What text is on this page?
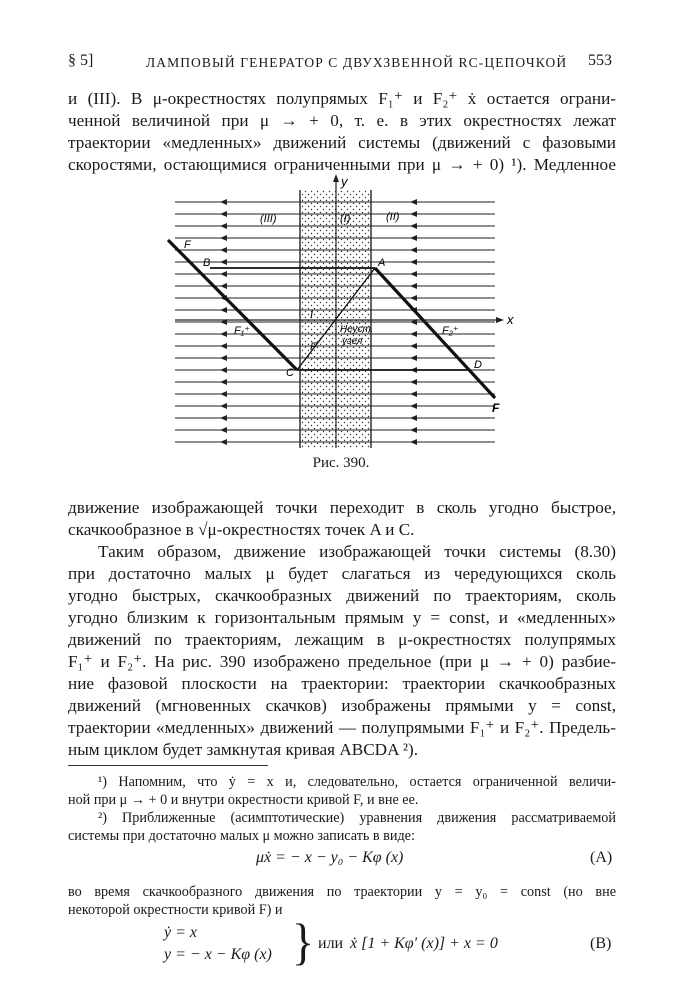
§ 5]	ЛАМПОВЫЙ ГЕНЕРАТОР С ДВУХЗВЕННОЙ RC-ЦЕПОЧКОЙ 553
и (III). В μ-окрестностях полупрямых F₁⁺ и F₂⁺ ẋ остается ограни-
ченной величиной при μ → + 0, т. е. в этих окрестностях лежат
траектории «медленных» движений системы (движений с фазовыми
скоростями, остающимися ограниченными при μ → + 0) ¹). Медленное
y
x
(III)	(I)	(II)
A
B
C
D
F
F
F
F₁⁺	F₂⁺
I
Неуст.
узел
Рис. 390.
движение изображающей точки переходит в сколь угодно быстрое,
скачкообразное в √μ-окрестностях точек A и C.
Таким образом, движение изображающей точки системы (8.30)
при достаточно малых μ будет слагаться из чередующихся сколь
угодно быстрых, скачкообразных движений по траекториям, сколь
угодно близким к горизонтальным прямым y = const, и «медленных»
движений по траекториям, лежащим в μ-окрестностях полупрямых
F₁⁺ и F₂⁺. На рис. 390 изображено предельное (при μ → + 0) разбие-
ние фазовой плоскости на траектории: траектории скачкообразных
движений (мгновенных скачков) изображены прямыми y = const,
траектории «медленных» движений — полупрямыми F₁⁺ и F₂⁺. Предель-
ным циклом будет замкнутая кривая ABCDA ²).
¹) Напомним, что ẏ = x и, следовательно, остается ограниченной величи-
ной при μ → + 0 и внутри окрестности кривой F, и вне ее.
²) Приближенные (асимптотические) уравнения движения рассматриваемой
системы при достаточно малых μ можно записать в виде:
μẋ = − x − y₀ − Kφ (x)	(A)
во время скачкообразного движения по траектории y = y₀ = const (но вне
некоторой окрестности кривой F) и
ẏ = x
y = − x − Kφ (x) } или ẋ [1 + Kφ′ (x)] + x = 0	(B)
